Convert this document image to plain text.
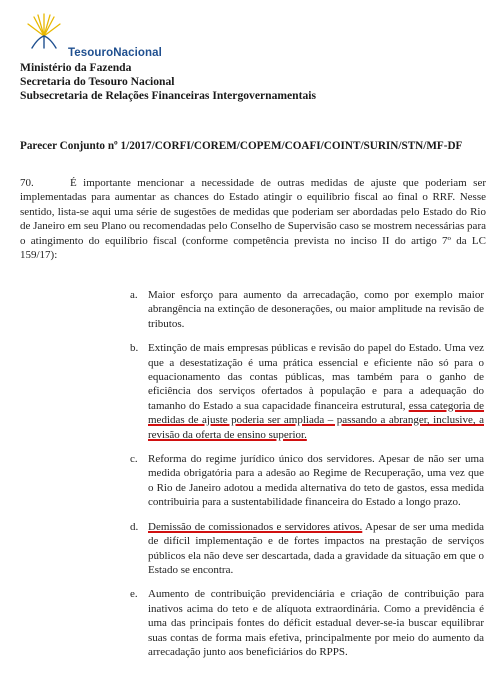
TesouroNacional
Ministério da Fazenda
Secretaria do Tesouro Nacional
Subsecretaria de Relações Financeiras Intergovernamentais
Parecer Conjunto nº 1/2017/CORFI/COREM/COPEM/COAFI/COINT/SURIN/STN/MF-DF
70.	É importante mencionar a necessidade de outras medidas de ajuste que poderiam ser implementadas para aumentar as chances do Estado atingir o equilíbrio fiscal ao final o RRF. Nesse sentido, lista-se aqui uma série de sugestões de medidas que poderiam ser abordadas pelo Estado do Rio de Janeiro em seu Plano ou recomendadas pelo Conselho de Supervisão caso se mostrem necessárias para o atingimento do equilíbrio fiscal (conforme competência prevista no inciso II do artigo 7º da LC 159/17):
a. Maior esforço para aumento da arrecadação, como por exemplo maior abrangência na extinção de desonerações, ou maior amplitude na revisão de tributos.
b. Extinção de mais empresas públicas e revisão do papel do Estado. Uma vez que a desestatização é uma prática essencial e eficiente não só para o equacionamento das contas públicas, mas também para o ganho de eficiência dos serviços ofertados à população e para a adequação do tamanho do Estado a sua capacidade financeira estrutural, essa categoria de medidas de ajuste poderia ser ampliada – passando a abranger, inclusive, a revisão da oferta de ensino superior.
c. Reforma do regime jurídico único dos servidores. Apesar de não ser uma medida obrigatória para a adesão ao Regime de Recuperação, uma vez que o Rio de Janeiro adotou a medida alternativa do teto de gastos, essa medida contribuiria para a sustentabilidade financeira do Estado a longo prazo.
d. Demissão de comissionados e servidores ativos. Apesar de ser uma medida de difícil implementação e de fortes impactos na prestação de serviços públicos ela não deve ser descartada, dada a gravidade da situação em que o Estado se encontra.
e. Aumento de contribuição previdenciária e criação de contribuição para inativos acima do teto e de alíquota extraordinária. Como a previdência é uma das principais fontes do déficit estadual dever-se-ia buscar equilibrar suas contas de forma mais efetiva, principalmente por meio do aumento da arrecadação junto aos beneficiários do RPPS.
